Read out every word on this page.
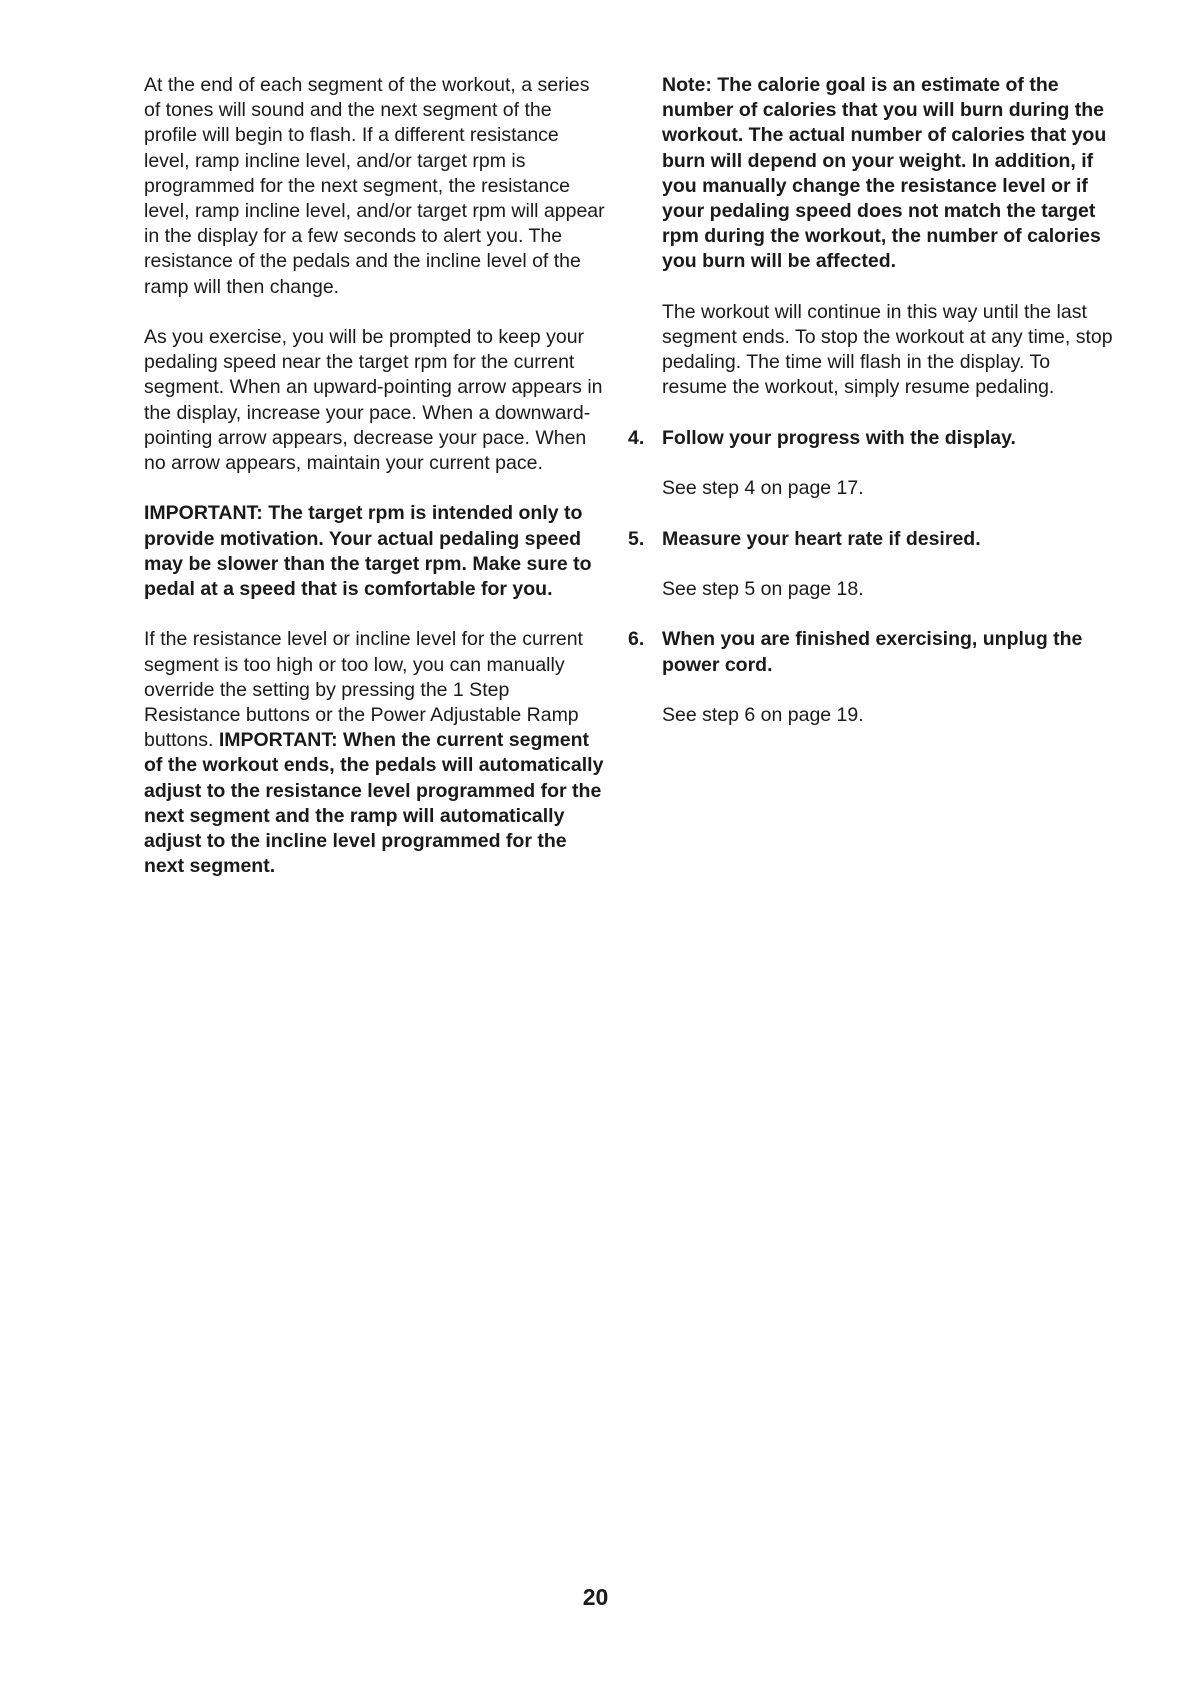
At the end of each segment of the workout, a series of tones will sound and the next segment of the profile will begin to flash. If a different resistance level, ramp incline level, and/or target rpm is programmed for the next segment, the resistance level, ramp incline level, and/or target rpm will appear in the display for a few seconds to alert you. The resistance of the pedals and the incline level of the ramp will then change.

As you exercise, you will be prompted to keep your pedaling speed near the target rpm for the current segment. When an upward-pointing arrow appears in the display, increase your pace. When a downward-pointing arrow appears, decrease your pace. When no arrow appears, maintain your current pace.

IMPORTANT: The target rpm is intended only to provide motivation. Your actual pedaling speed may be slower than the target rpm. Make sure to pedal at a speed that is comfortable for you.

If the resistance level or incline level for the current segment is too high or too low, you can manually override the setting by pressing the 1 Step Resistance buttons or the Power Adjustable Ramp buttons. IMPORTANT: When the current segment of the workout ends, the pedals will automatically adjust to the resistance level programmed for the next segment and the ramp will automatically adjust to the incline level programmed for the next segment.

Note: The calorie goal is an estimate of the number of calories that you will burn during the workout. The actual number of calories that you burn will depend on your weight. In addition, if you manually change the resistance level or if your pedaling speed does not match the target rpm during the workout, the number of calories you burn will be affected.

The workout will continue in this way until the last segment ends. To stop the workout at any time, stop pedaling. The time will flash in the display. To resume the workout, simply resume pedaling.

4. Follow your progress with the display.

See step 4 on page 17.

5. Measure your heart rate if desired.

See step 5 on page 18.

6. When you are finished exercising, unplug the power cord.

See step 6 on page 19.

20
